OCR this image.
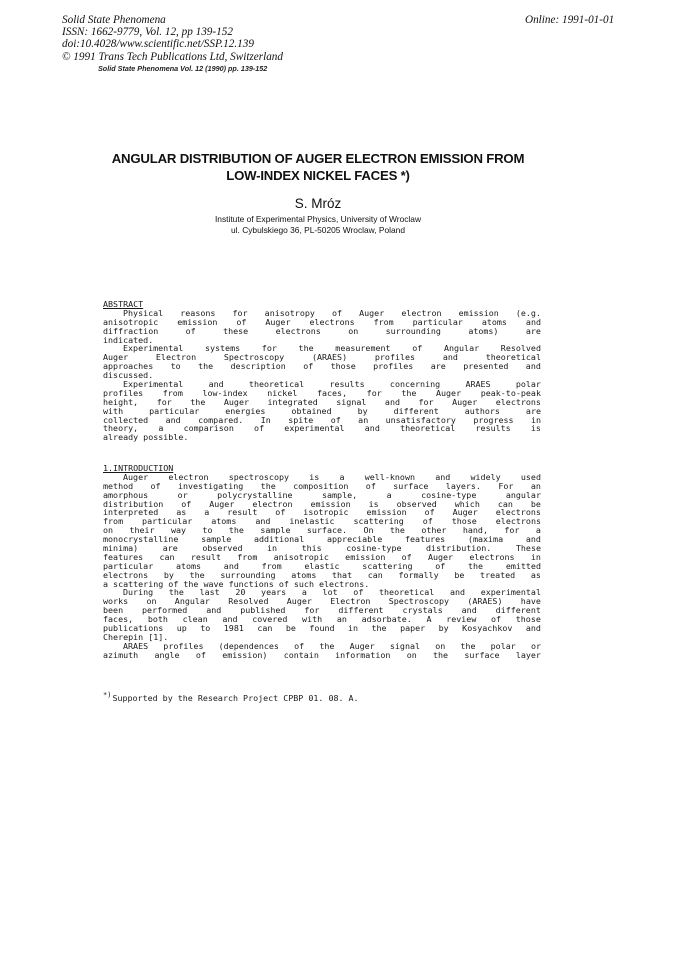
Solid State Phenomena
ISSN: 1662-9779, Vol. 12, pp 139-152
doi:10.4028/www.scientific.net/SSP.12.139
© 1991 Trans Tech Publications Ltd, Switzerland
Online: 1991-01-01
Solid State Phenomena Vol. 12 (1990) pp. 139-152
ANGULAR DISTRIBUTION OF AUGER ELECTRON EMISSION FROM
LOW-INDEX NICKEL FACES *)
S. Mróz
Institute of Experimental Physics, University of Wroclaw
ul. Cybulskiego 36, PL-50205 Wroclaw, Poland
ABSTRACT
Physical reasons for anisotropy of Auger electron emission (e.g.
anisotropic emission of Auger electrons from particular atoms and
diffraction	of	these	electrons	on	surrounding	atoms)	are
indicated.
Experimental	systems	for	the	measurement	of	Angular	Resolved
Auger	Electron	Spectroscopy	(ARAES)	profiles	and	theoretical
approaches to the description of those profiles are presented and
discussed.
Experimental	and	theoretical	results	concerning	ARAES	polar
profiles from low-index nickel faces, for the Auger peak-to-peak
height, for the Auger integrated signal and for Auger electrons
with	particular	energies	obtained	by	different	authors	are
collected and compared. In spite of an unsatisfactory progress in
theory, a comparison of experimental and theoretical results is
already possible.
1.INTRODUCTION
Auger electron spectroscopy is a well-known and widely used
method of investigating the composition of surface layers. For an
amorphous	or	polycrystalline	sample,	a	cosine-type	angular
distribution of Auger electron emission is observed which can be
interpreted as a result of isotropic emission of Auger electrons
from particular atoms and inelastic scattering of those electrons
on their way to the sample surface. On the other hand, for a
monocrystalline	sample	additional	appreciable	features	(maxima	and
minima)	are	observed	in	this	cosine-type	distribution.	These
features can result from anisotropic emission of Auger electrons in
particular	atoms	and	from	elastic	scattering	of	the	emitted
electrons by the surrounding atoms that can formally be treated as
a scattering of the wave functions of such electrons.
During the last 20 years a lot of theoretical and experimental
works on Angular Resolved Auger Electron Spectroscopy (ARAES) have
been performed and published for different crystals and different
faces, both clean and covered with an adsorbate. A review of those
publications up to 1981 can be found in the paper by Kosyachkov and
Cherepin [1].
ARAES profiles (dependences of the Auger signal on the polar or
azimuth angle of emission) contain information on the surface layer
*)Supported by the Research Project CPBP 01. 08. A.
